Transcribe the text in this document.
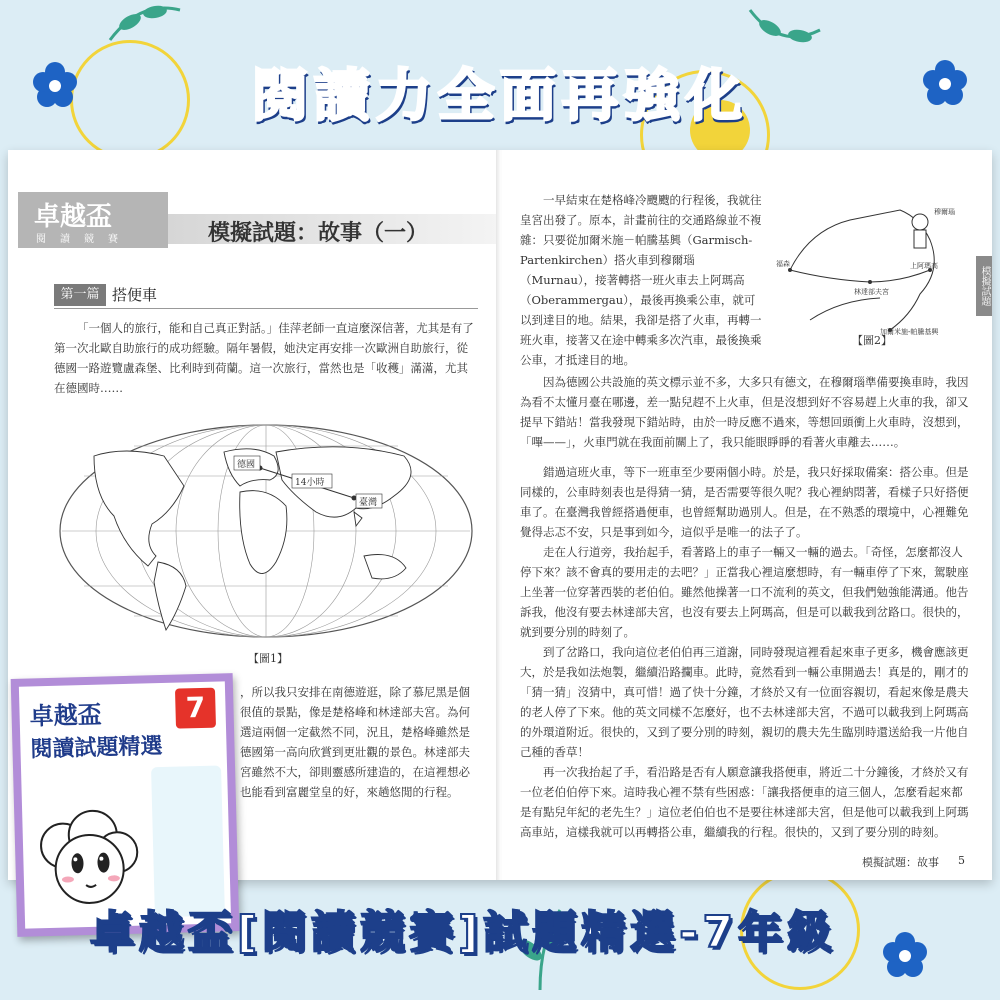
閱讀力全面再強化
卓越盃
閱讀競賽	模擬試題：故事（一）
第一篇 搭便車
「一個人的旅行，能和自己真正對話。」佳萍老師一直這麼深信著，尤其是有了第一次北歐自助旅行的成功經驗。隔年暑假，她決定再安排一次歐洲自助旅行，從德國一路遊覽盧森堡、比利時到荷蘭。這一次旅行，當然也是「收穫」滿滿，尤其在德國時……
德國
14小時
臺灣
【圖1】
，所以我只安排在南德遊逛，除了慕尼黑是個很值的景點，像是楚格峰和林達部夫宮。為何選這兩個一定截然不同，況且，楚格峰雖然是德國第一高向欣賞到更壯觀的景色。林達部夫宮雖然不大，卻則靈感所建造的，在這裡想必也能看到富麗堂皇的好，來趟悠閒的行程。
一早結束在楚格峰冷颼颼的行程後，我就往皇宮出發了。原本，計畫前往的交通路線並不複雜：只要從加爾米施－帕騰基興（Garmisch-Partenkirchen）搭火車到穆爾瑙（Murnau），接著轉搭一班火車去上阿瑪高（Oberammergau），最後再換乘公車，就可以到達目的地。結果，我卻是搭了火車，再轉一班火車，接著又在途中轉乘多次汽車，最後換乘公車，才抵達目的地。
穆爾瑙
上阿瑪高
加爾米施-帕騰基興
林達部夫宮
福森
【圖2】
模擬試題
因為德國公共設施的英文標示並不多，大多只有德文，在穆爾瑙準備要換車時，我因為看不太懂月臺在哪邊，差一點兒趕不上火車，但是沒想到好不容易趕上火車的我，卻又提早下錯站！當我發現下錯站時，由於一時反應不過來，等想回頭衝上火車時，沒想到，「嗶——」，火車門就在我面前關上了，我只能眼睜睜的看著火車離去……。
錯過這班火車，等下一班車至少要兩個小時。於是，我只好採取備案：搭公車。但是同樣的，公車時刻表也是得猜一猜，是否需要等很久呢？我心裡納悶著，看樣子只好搭便車了。在臺灣我曾經搭過便車，也曾經幫助過別人。但是，在不熟悉的環境中，心裡難免覺得忐忑不安，只是事到如今，這似乎是唯一的法子了。
走在人行道旁，我抬起手，看著路上的車子一輛又一輛的過去。「奇怪，怎麼都沒人停下來？該不會真的要用走的去吧？」正當我心裡這麼想時，有一輛車停了下來，駕駛座上坐著一位穿著西裝的老伯伯。雖然他操著一口不流利的英文，但我們勉強能溝通。他告訴我，他沒有要去林達部夫宮，也沒有要去上阿瑪高，但是可以載我到岔路口。很快的，就到要分別的時刻了。
到了岔路口，我向這位老伯伯再三道謝，同時發現這裡看起來車子更多，機會應該更大，於是我如法炮製，繼續沿路攔車。此時，竟然看到一輛公車開過去！真是的，剛才的「猜一猜」沒猜中，真可惜！過了快十分鐘，才終於又有一位面容親切，看起來像是農夫的老人停了下來。他的英文同樣不怎麼好，也不去林達部夫宮，不過可以載我到上阿瑪高的外環道附近。很快的，又到了要分別的時刻，親切的農夫先生臨別時還送給我一片他自己種的香草！
再一次我抬起了手，看沿路是否有人願意讓我搭便車，將近二十分鐘後，才終於又有一位老伯伯停下來。這時我心裡不禁有些困惑：「讓我搭便車的這三個人，怎麼看起來都是有點兒年紀的老先生？」這位老伯伯也不是要往林達部夫宮，但是他可以載我到上阿瑪高車站，這樣我就可以再轉搭公車，繼續我的行程。很快的，又到了要分別的時刻。
模擬試題：故事 5
卓越盃	7
閱讀試題精選
卓越盃[閱讀競賽]試題精選-7年級
